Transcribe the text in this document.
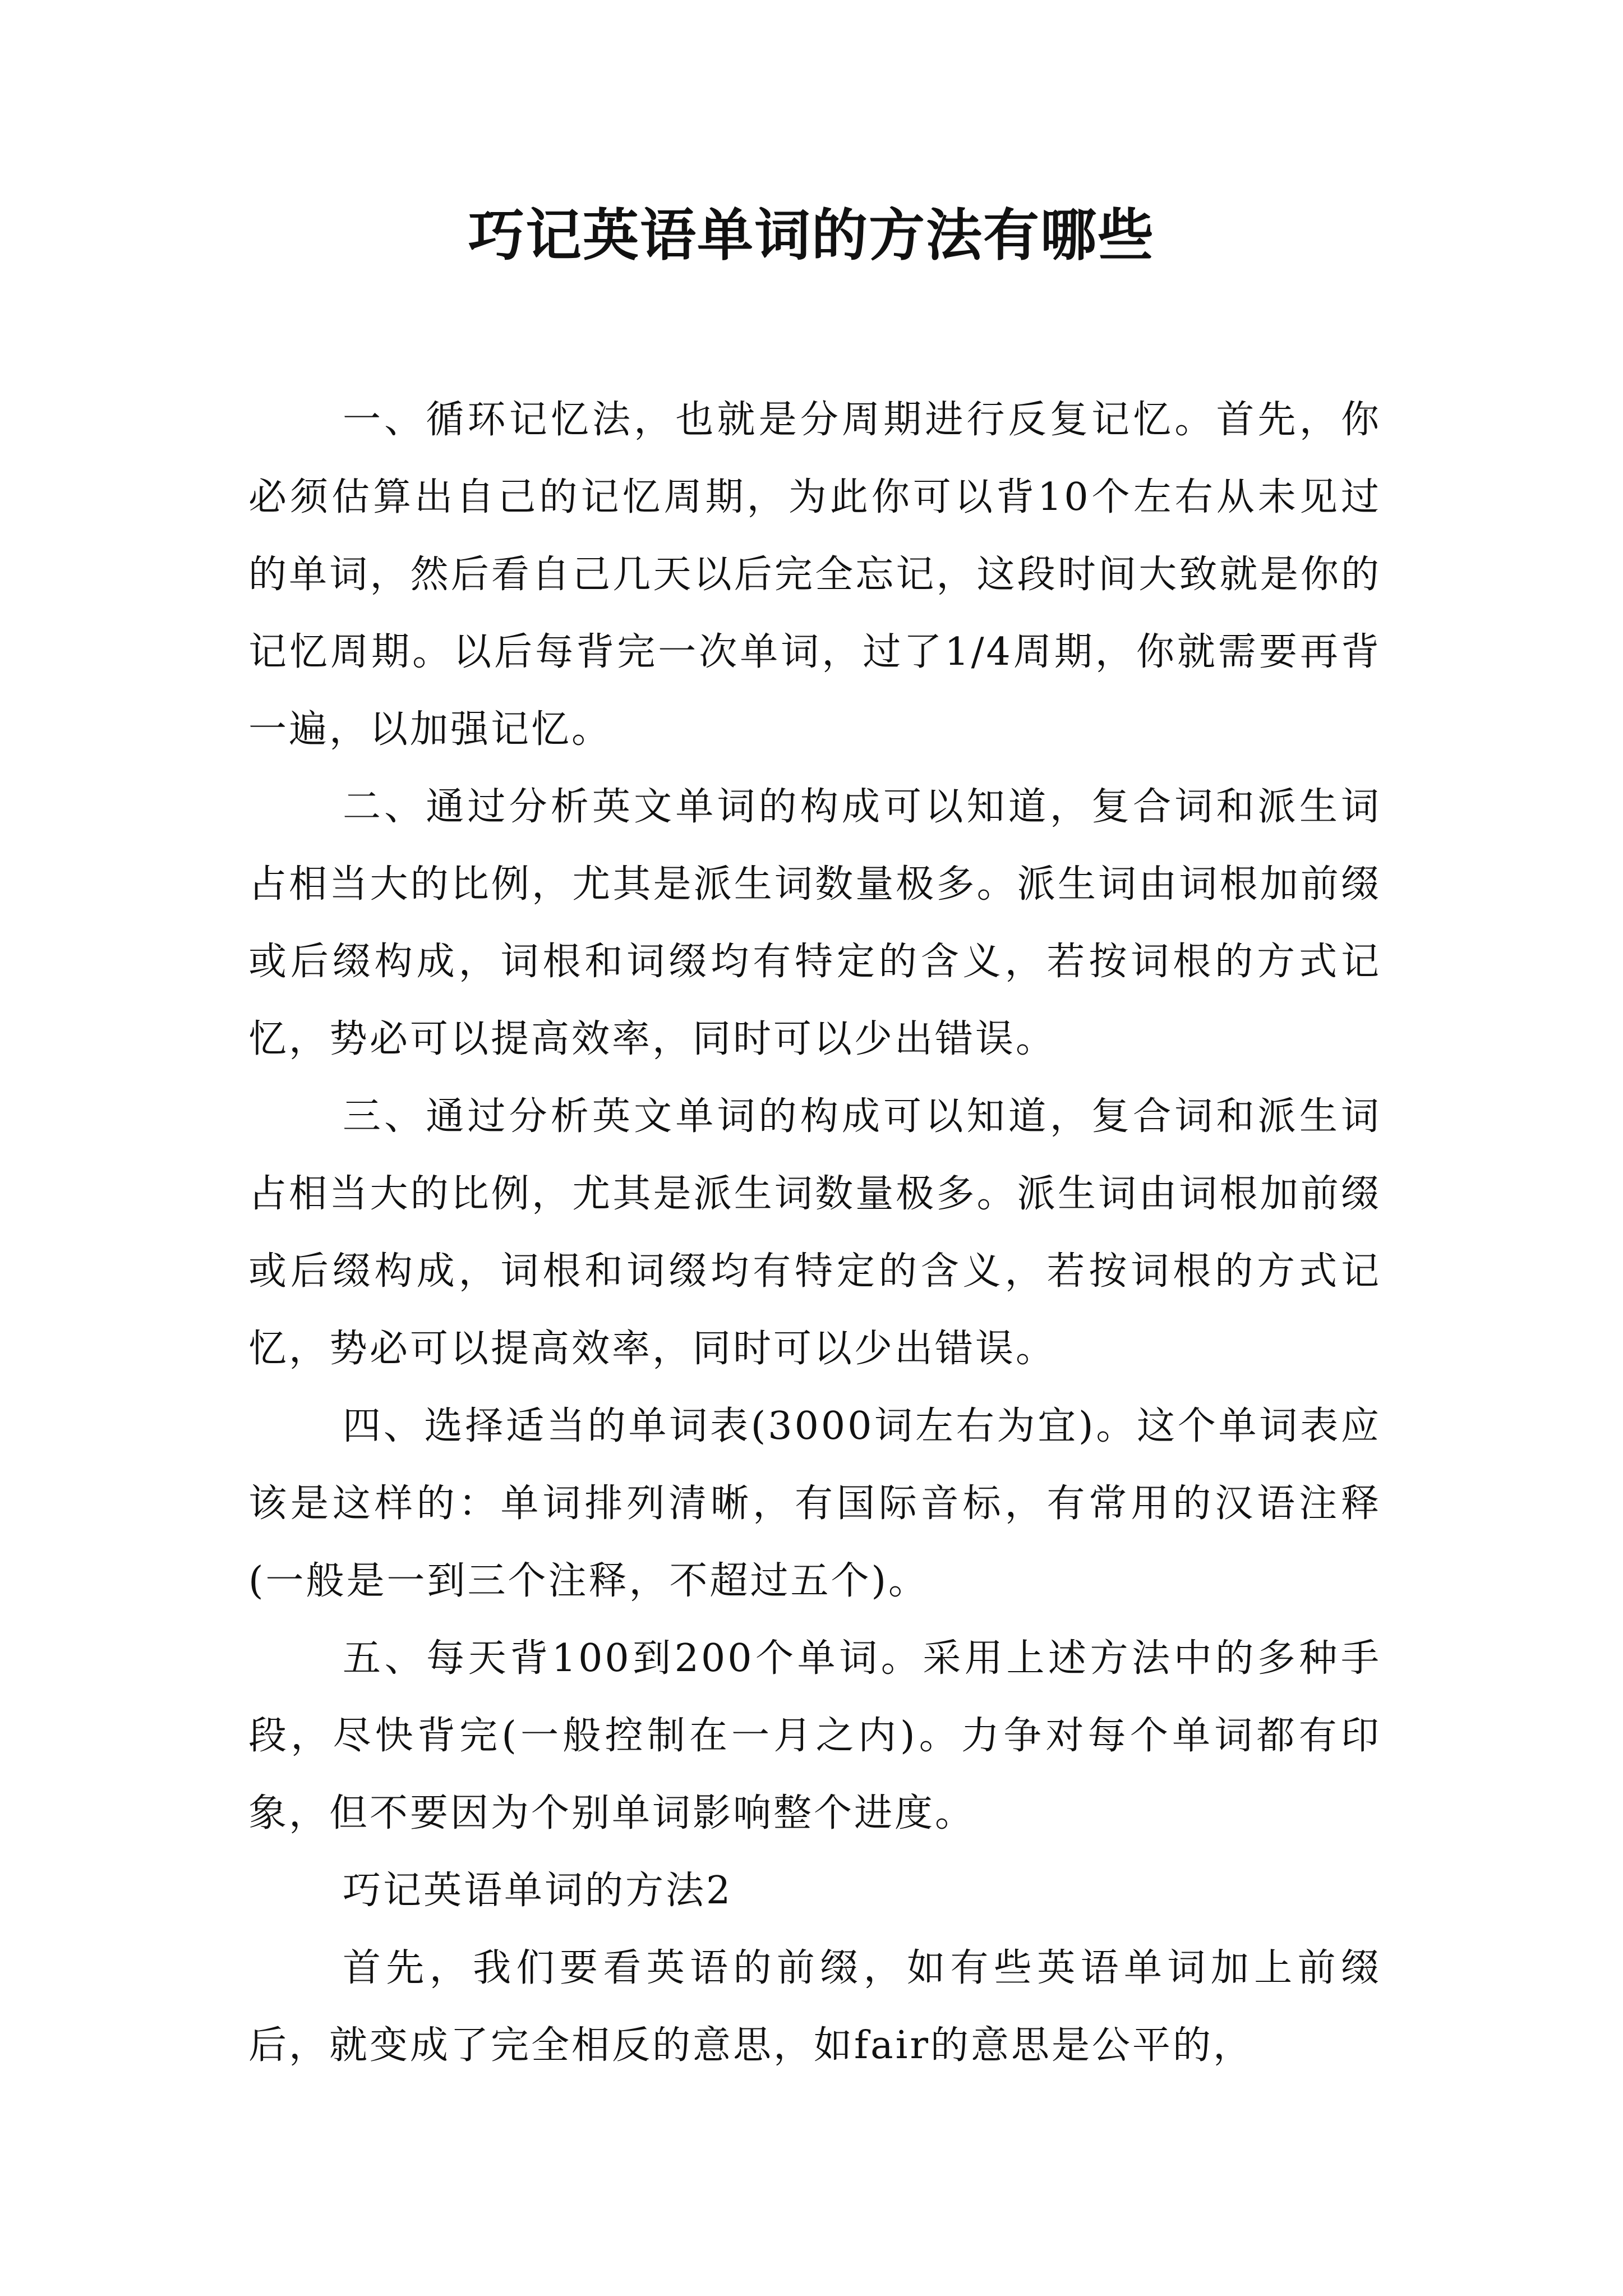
巧记英语单词的方法有哪些

一、循环记忆法，也就是分周期进行反复记忆。首先，你必须估算出自己的记忆周期，为此你可以背10个左右从未见过的单词，然后看自己几天以后完全忘记，这段时间大致就是你的记忆周期。以后每背完一次单词，过了1/4周期，你就需要再背一遍，以加强记忆。

二、通过分析英文单词的构成可以知道，复合词和派生词占相当大的比例，尤其是派生词数量极多。派生词由词根加前缀或后缀构成，词根和词缀均有特定的含义，若按词根的方式记忆，势必可以提高效率，同时可以少出错误。

三、通过分析英文单词的构成可以知道，复合词和派生词占相当大的比例，尤其是派生词数量极多。派生词由词根加前缀或后缀构成，词根和词缀均有特定的含义，若按词根的方式记忆，势必可以提高效率，同时可以少出错误。

四、选择适当的单词表(3000词左右为宜)。这个单词表应该是这样的：单词排列清晰，有国际音标，有常用的汉语注释(一般是一到三个注释，不超过五个)。

五、每天背100到200个单词。采用上述方法中的多种手段，尽快背完(一般控制在一月之内)。力争对每个单词都有印象，但不要因为个别单词影响整个进度。

巧记英语单词的方法2

首先，我们要看英语的前缀，如有些英语单词加上前缀后，就变成了完全相反的意思，如fair的意思是公平的，
